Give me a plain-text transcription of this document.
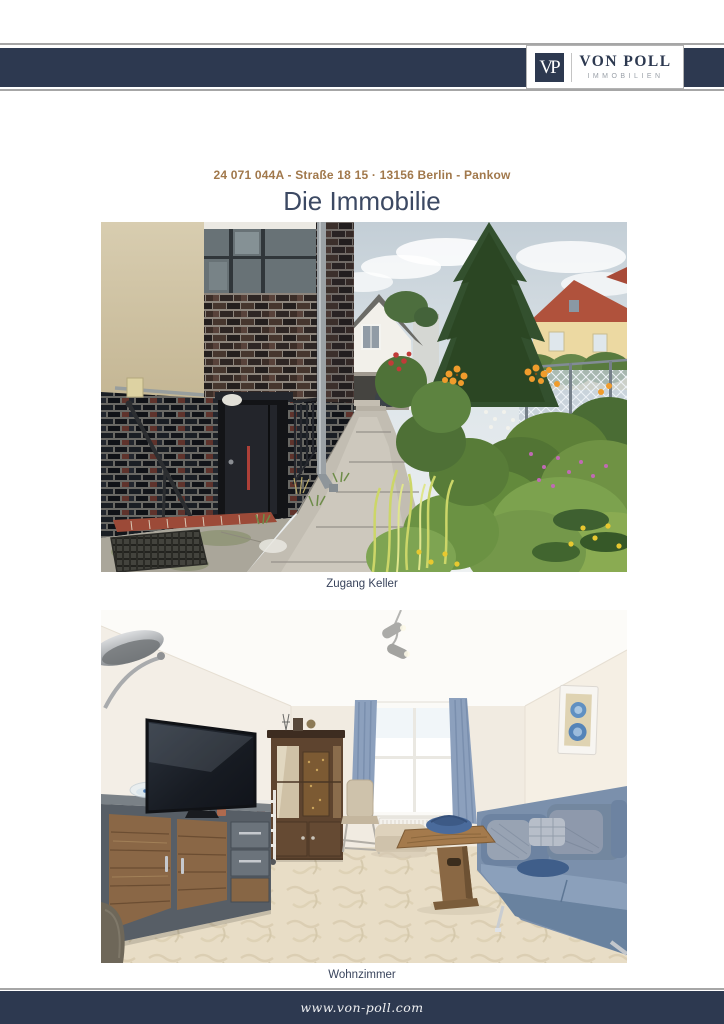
VP	VON POLL
IMMOBILIEN
24 071 044A - Straße 18 15 · 13156 Berlin - Pankow
Die Immobilie
Zugang Keller
Wohnzimmer
www.von-poll.com
